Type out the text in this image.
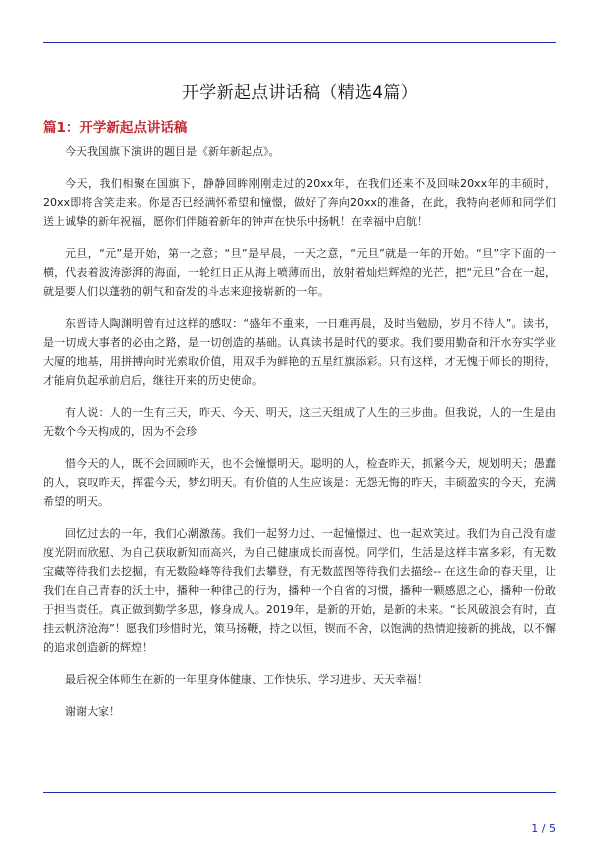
开学新起点讲话稿（精选4篇）
篇1：开学新起点讲话稿

今天我国旗下演讲的题目是《新年新起点》。

今天，我们相聚在国旗下，静静回眸刚刚走过的20xx年，在我们还来不及回味20xx年的丰硕时，20xx即将含笑走来。你是否已经满怀希望和憧憬，做好了奔向20xx的准备，在此，我特向老师和同学们送上诚挚的新年祝福，愿你们伴随着新年的钟声在快乐中扬帆！在幸福中启航！

元旦，“元”是开始，第一之意；“旦”是早晨，一天之意，“元旦”就是一年的开始。“旦”字下面的一横，代表着波涛澎湃的海面，一轮红日正从海上喷薄而出，放射着灿烂辉煌的光芒，把“元旦”合在一起，就是要人们以蓬勃的朝气和奋发的斗志来迎接崭新的一年。

东晋诗人陶渊明曾有过这样的感叹：“盛年不重来，一日难再晨，及时当勉励，岁月不待人”。读书，是一切成大事者的必由之路，是一切创造的基础。认真读书是时代的要求。我们要用勤奋和汗水夯实学业大厦的地基，用拼搏向时光索取价值，用双手为鲜艳的五星红旗添彩。只有这样，才无愧于师长的期待，才能肩负起承前启后，继往开来的历史使命。

有人说：人的一生有三天，昨天、今天、明天，这三天组成了人生的三步曲。但我说，人的一生是由无数个今天构成的，因为不会珍

惜今天的人，既不会回顾昨天，也不会憧憬明天。聪明的人，检查昨天，抓紧今天，规划明天；愚蠢的人，哀叹昨天，挥霍今天，梦幻明天。有价值的人生应该是：无怨无悔的昨天，丰硕盈实的今天，充满希望的明天。

回忆过去的一年，我们心潮激荡。我们一起努力过、一起憧憬过、也一起欢笑过。我们为自己没有虚度光阴而欣慰、为自己获取新知而高兴，为自己健康成长而喜悦。同学们，生活是这样丰富多彩，有无数宝藏等待我们去挖掘，有无数险峰等待我们去攀登，有无数蓝图等待我们去描绘-- 在这生命的春天里，让我们在自己青春的沃土中，播种一种律己的行为，播种一个自省的习惯，播种一颗感恩之心，播种一份敢于担当责任。真正做到勤学多思，修身成人。2019年，是新的开始，是新的未来。“长风破浪会有时，直挂云帆济沧海”！愿我们珍惜时光，策马扬鞭，持之以恒，锲而不舍，以饱满的热情迎接新的挑战，以不懈的追求创造新的辉煌！

最后祝全体师生在新的一年里身体健康、工作快乐、学习进步、天天幸福！

谢谢大家！

1 / 5
